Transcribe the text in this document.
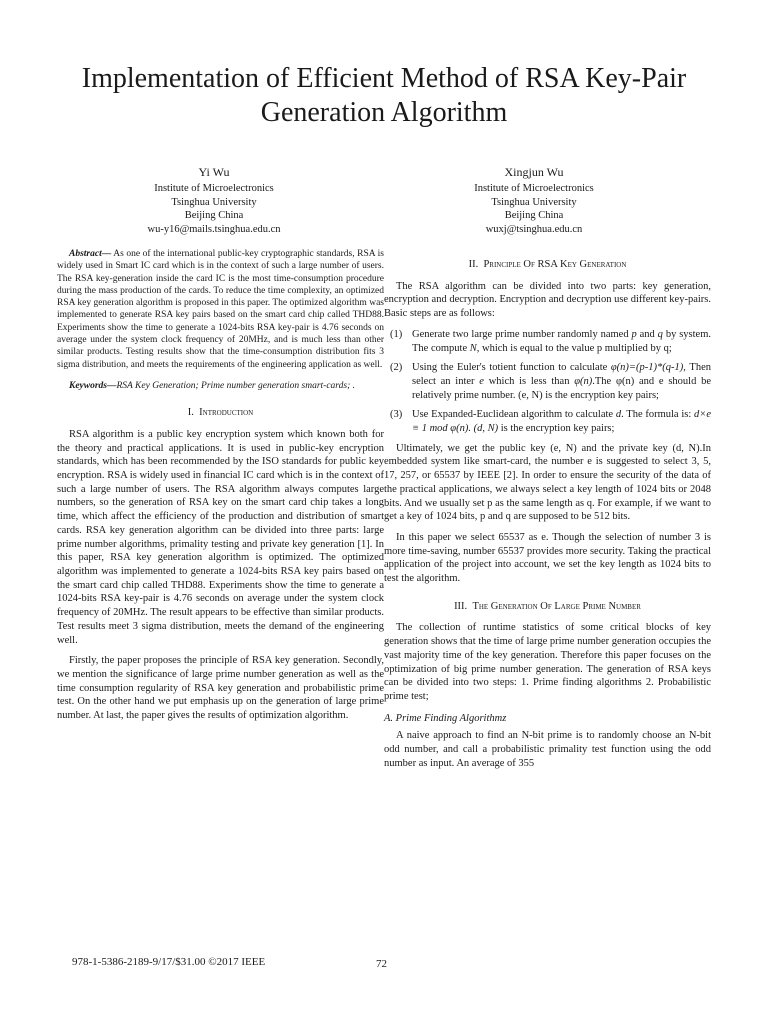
Implementation of Efficient Method of RSA Key-Pair Generation Algorithm
Yi Wu
Institute of Microelectronics
Tsinghua University
Beijing China
wu-y16@mails.tsinghua.edu.cn
Xingjun Wu
Institute of Microelectronics
Tsinghua University
Beijing China
wuxj@tsinghua.edu.cn

Abstract— As one of the international public-key cryptographic standards, RSA is widely used in Smart IC card which is in the context of such a large number of users. The RSA key-generation inside the card IC is the most time-consumption procedure during the mass production of the cards. To reduce the time complexity, an optimized RSA key generation algorithm is proposed in this paper. The optimized algorithm was implemented to generate RSA key pairs based on the smart card chip called THD88. Experiments show the time to generate a 1024-bits RSA key-pair is 4.76 seconds on average under the system clock frequency of 20MHz, and is much less than other similar products. Testing results show that the time-consumption distribution fits 3 sigma distribution, and meets the requirements of the engineering application as well.

Keywords—RSA Key Generation; Prime number generation smart-cards; .

I. Introduction

RSA algorithm is a public key encryption system which known both for the theory and practical applications. It is used in public-key encryption standards, which has been recommended by the ISO standards for public key encryption. RSA is widely used in financial IC card which is in the context of such a large number of users. The RSA algorithm always computes large numbers, so the generation of RSA key on the smart card chip takes a long time, which affect the efficiency of the production and distribution of smart cards. RSA key generation algorithm can be divided into three parts: large prime number algorithms, primality testing and private key generation [1]. In this paper, RSA key generation algorithm is optimized. The optimized algorithm was implemented to generate a 1024-bits RSA key pairs based on the smart card chip called THD88. Experiments show the time to generate a 1024-bits RSA key-pair is 4.76 seconds on average under the system clock frequency of 20MHz. The result appears to be effective than similar products. Test results meet 3 sigma distribution, meets the demand of the engineering well.

Firstly, the paper proposes the principle of RSA key generation. Secondly, we mention the significance of large prime number generation as well as the time consumption regularity of RSA key generation and probabilistic prime test. On the other hand we put emphasis up on the generation of large prime number. At last, the paper gives the results of optimization algorithm.

II. Principle Of RSA Key Generation

The RSA algorithm can be divided into two parts: key generation, encryption and decryption. Encryption and decryption use different key-pairs. Basic steps are as follows:

(1) Generate two large prime number randomly named p and q by system. The compute N, which is equal to the value p multiplied by q;
(2) Using the Euler's totient function to calculate φ(n)=(p-1)*(q-1), Then select an inter e which is less than φ(n).The φ(n) and e should be relatively prime number. (e, N) is the encryption key pairs;
(3) Use Expanded-Euclidean algorithm to calculate d. The formula is: d×e ≡ 1 mod φ(n). (d, N) is the encryption key pairs;

Ultimately, we get the public key (e, N) and the private key (d, N).In embedded system like smart-card, the number e is suggested to select 3, 5, 17, 257, or 65537 by IEEE [2]. In order to ensure the security of the data of the practical applications, we always select a key length of 1024 bits or 2048 bits. And we usually set p as the same length as q. For example, if we want to get a key of 1024 bits, p and q are supposed to be 512 bits.

In this paper we select 65537 as e. Though the selection of number 3 is more time-saving, number 65537 provides more security. Taking the practical application of the project into account, we set the key length as 1024 bits to test the algorithm.

III. The Generation Of Large Prime Number

The collection of runtime statistics of some critical blocks of key generation shows that the time of large prime number generation occupies the vast majority time of the key generation. Therefore this paper focuses on the optimization of big prime number generation. The generation of RSA keys can be divided into two steps: 1. Prime finding algorithms 2. Probabilistic prime test;

A. Prime Finding Algorithmz

A naive approach to find an N-bit prime is to randomly choose an N-bit odd number, and call a probabilistic primality test function using the odd number as input. An average of 355

978-1-5386-2189-9/17/$31.00 ©2017 IEEE	72
